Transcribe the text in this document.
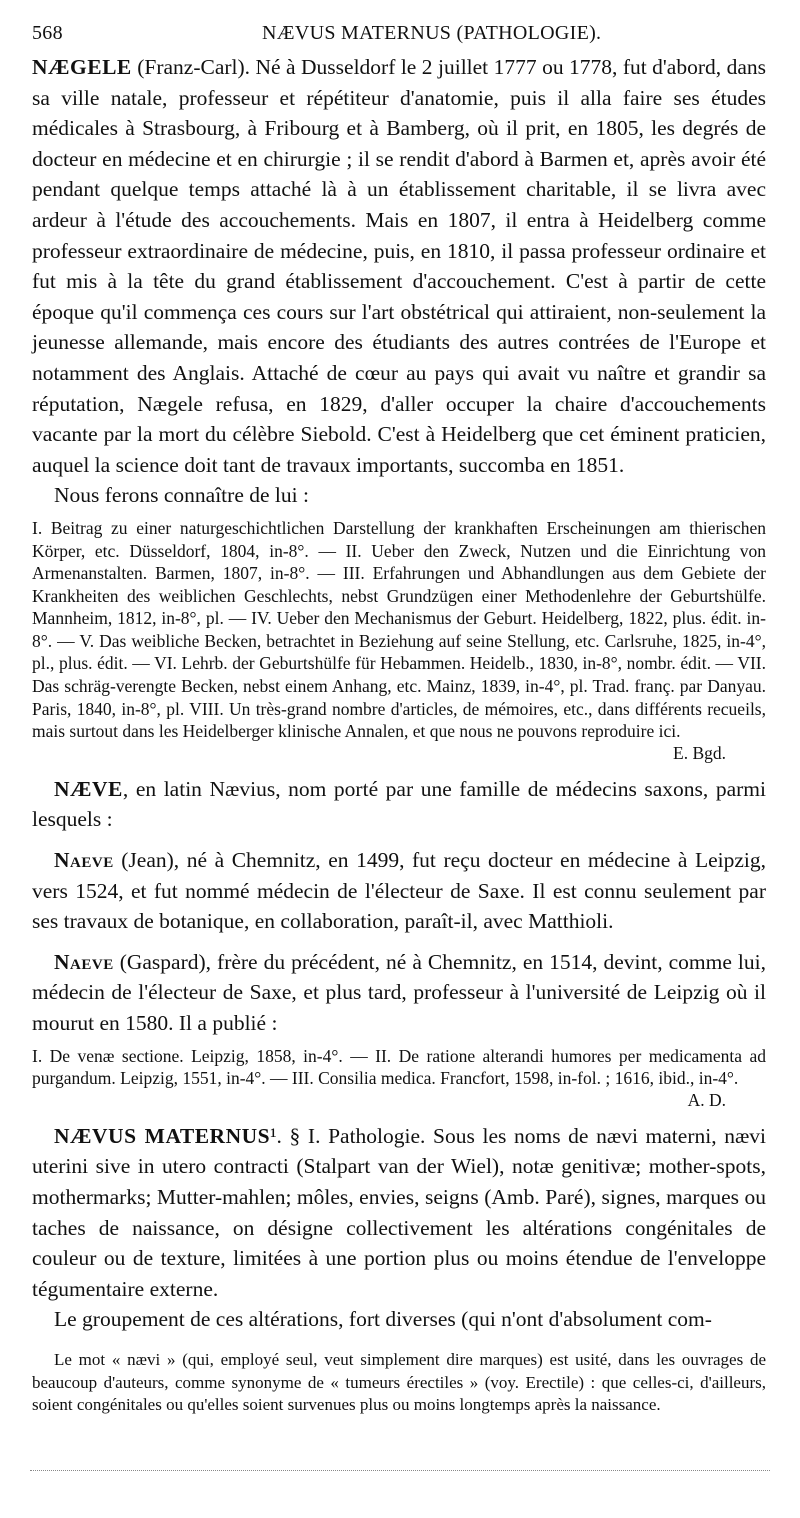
568	NÆVUS MATERNUS (PATHOLOGIE).

NÆGELE (Franz-Carl). Né à Dusseldorf le 2 juillet 1777 ou 1778, fut d'abord, dans sa ville natale, professeur et répétiteur d'anatomie, puis il alla faire ses études médicales à Strasbourg, à Fribourg et à Bamberg, où il prit, en 1805, les degrés de docteur en médecine et en chirurgie ; il se rendit d'abord à Barmen et, après avoir été pendant quelque temps attaché là à un établissement charitable, il se livra avec ardeur à l'étude des accouchements. Mais en 1807, il entra à Heidelberg comme professeur extraordinaire de médecine, puis, en 1810, il passa professeur ordinaire et fut mis à la tête du grand établissement d'accouchement. C'est à partir de cette époque qu'il commença ces cours sur l'art obstétrical qui attiraient, non-seulement la jeunesse allemande, mais encore des étudiants des autres contrées de l'Europe et notamment des Anglais. Attaché de cœur au pays qui avait vu naître et grandir sa réputation, Nægele refusa, en 1829, d'aller occuper la chaire d'accouchements vacante par la mort du célèbre Siebold. C'est à Heidelberg que cet éminent praticien, auquel la science doit tant de travaux importants, succomba en 1851.

Nous ferons connaître de lui :

I. Beitrag zu einer naturgeschichtlichen Darstellung der krankhaften Erscheinungen am thierischen Körper, etc. Düsseldorf, 1804, in-8°. — II. Ueber den Zweck, Nutzen und die Einrichtung von Armenanstalten. Barmen, 1807, in-8°. — III. Erfahrungen und Abhandlungen aus dem Gebiete der Krankheiten des weiblichen Geschlechts, nebst Grundzügen einer Methodenlehre der Geburtshülfe. Mannheim, 1812, in-8°, pl. — IV. Ueber den Mechanismus der Geburt. Heidelberg, 1822, plus. édit. in-8°. — V. Das weibliche Becken, betrachtet in Beziehung auf seine Stellung, etc. Carlsruhe, 1825, in-4°, pl., plus. édit. — VI. Lehrb. der Geburtshülfe für Hebammen. Heidelb., 1830, in-8°, nombr. édit. — VII. Das schräg-verengte Becken, nebst einem Anhang, etc. Mainz, 1839, in-4°, pl. Trad. franç. par Danyau. Paris, 1840, in-8°, pl. VIII. Un très-grand nombre d'articles, de mémoires, etc., dans différents recueils, mais surtout dans les Heidelberger klinische Annalen, et que nous ne pouvons reproduire ici.

E. Bgd.

NÆVE, en latin Nævius, nom porté par une famille de médecins saxons, parmi lesquels :

Naeve (Jean), né à Chemnitz, en 1499, fut reçu docteur en médecine à Leipzig, vers 1524, et fut nommé médecin de l'électeur de Saxe. Il est connu seulement par ses travaux de botanique, en collaboration, paraît-il, avec Matthioli.

Naeve (Gaspard), frère du précédent, né à Chemnitz, en 1514, devint, comme lui, médecin de l'électeur de Saxe, et plus tard, professeur à l'université de Leipzig où il mourut en 1580. Il a publié :

I. De venæ sectione. Leipzig, 1858, in-4°. — II. De ratione alterandi humores per medicamenta ad purgandum. Leipzig, 1551, in-4°. — III. Consilia medica. Francfort, 1598, in-fol. ; 1616, ibid., in-4°.

A. D.

NÆVUS MATERNUS¹. § I. Pathologie. Sous les noms de nævi materni, nævi uterini sive in utero contracti (Stalpart van der Wiel), notæ genitivæ; mother-spots, mothermarks; Mutter-mahlen; môles, envies, seigns (Amb. Paré), signes, marques ou taches de naissance, on désigne collectivement les altérations congénitales de couleur ou de texture, limitées à une portion plus ou moins étendue de l'enveloppe tégumentaire externe.

Le groupement de ces altérations, fort diverses (qui n'ont d'absolument com-

Le mot « nævi » (qui, employé seul, veut simplement dire marques) est usité, dans les ouvrages de beaucoup d'auteurs, comme synonyme de « tumeurs érectiles » (voy. Erectile) : que celles-ci, d'ailleurs, soient congénitales ou qu'elles soient survenues plus ou moins longtemps après la naissance.
